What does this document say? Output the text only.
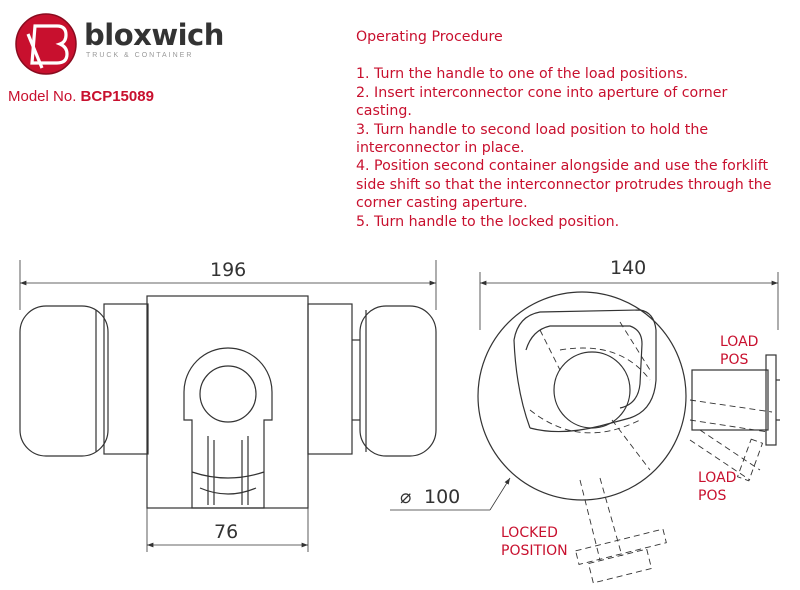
bloxwich
TRUCK & CONTAINER
Model No. BCP15089
Operating Procedure
1. Turn the handle to one of the load positions.
2. Insert interconnector cone into aperture of corner casting.
3. Turn handle to second load position to hold the interconnector in place.
4. Position second container alongside and use the forklift side shift so that the interconnector protrudes through the corner casting aperture.
5. Turn handle to the locked position.
196
76
140
⌀ 100
LOAD
POS
LOAD
POS
LOCKED
POSITION
